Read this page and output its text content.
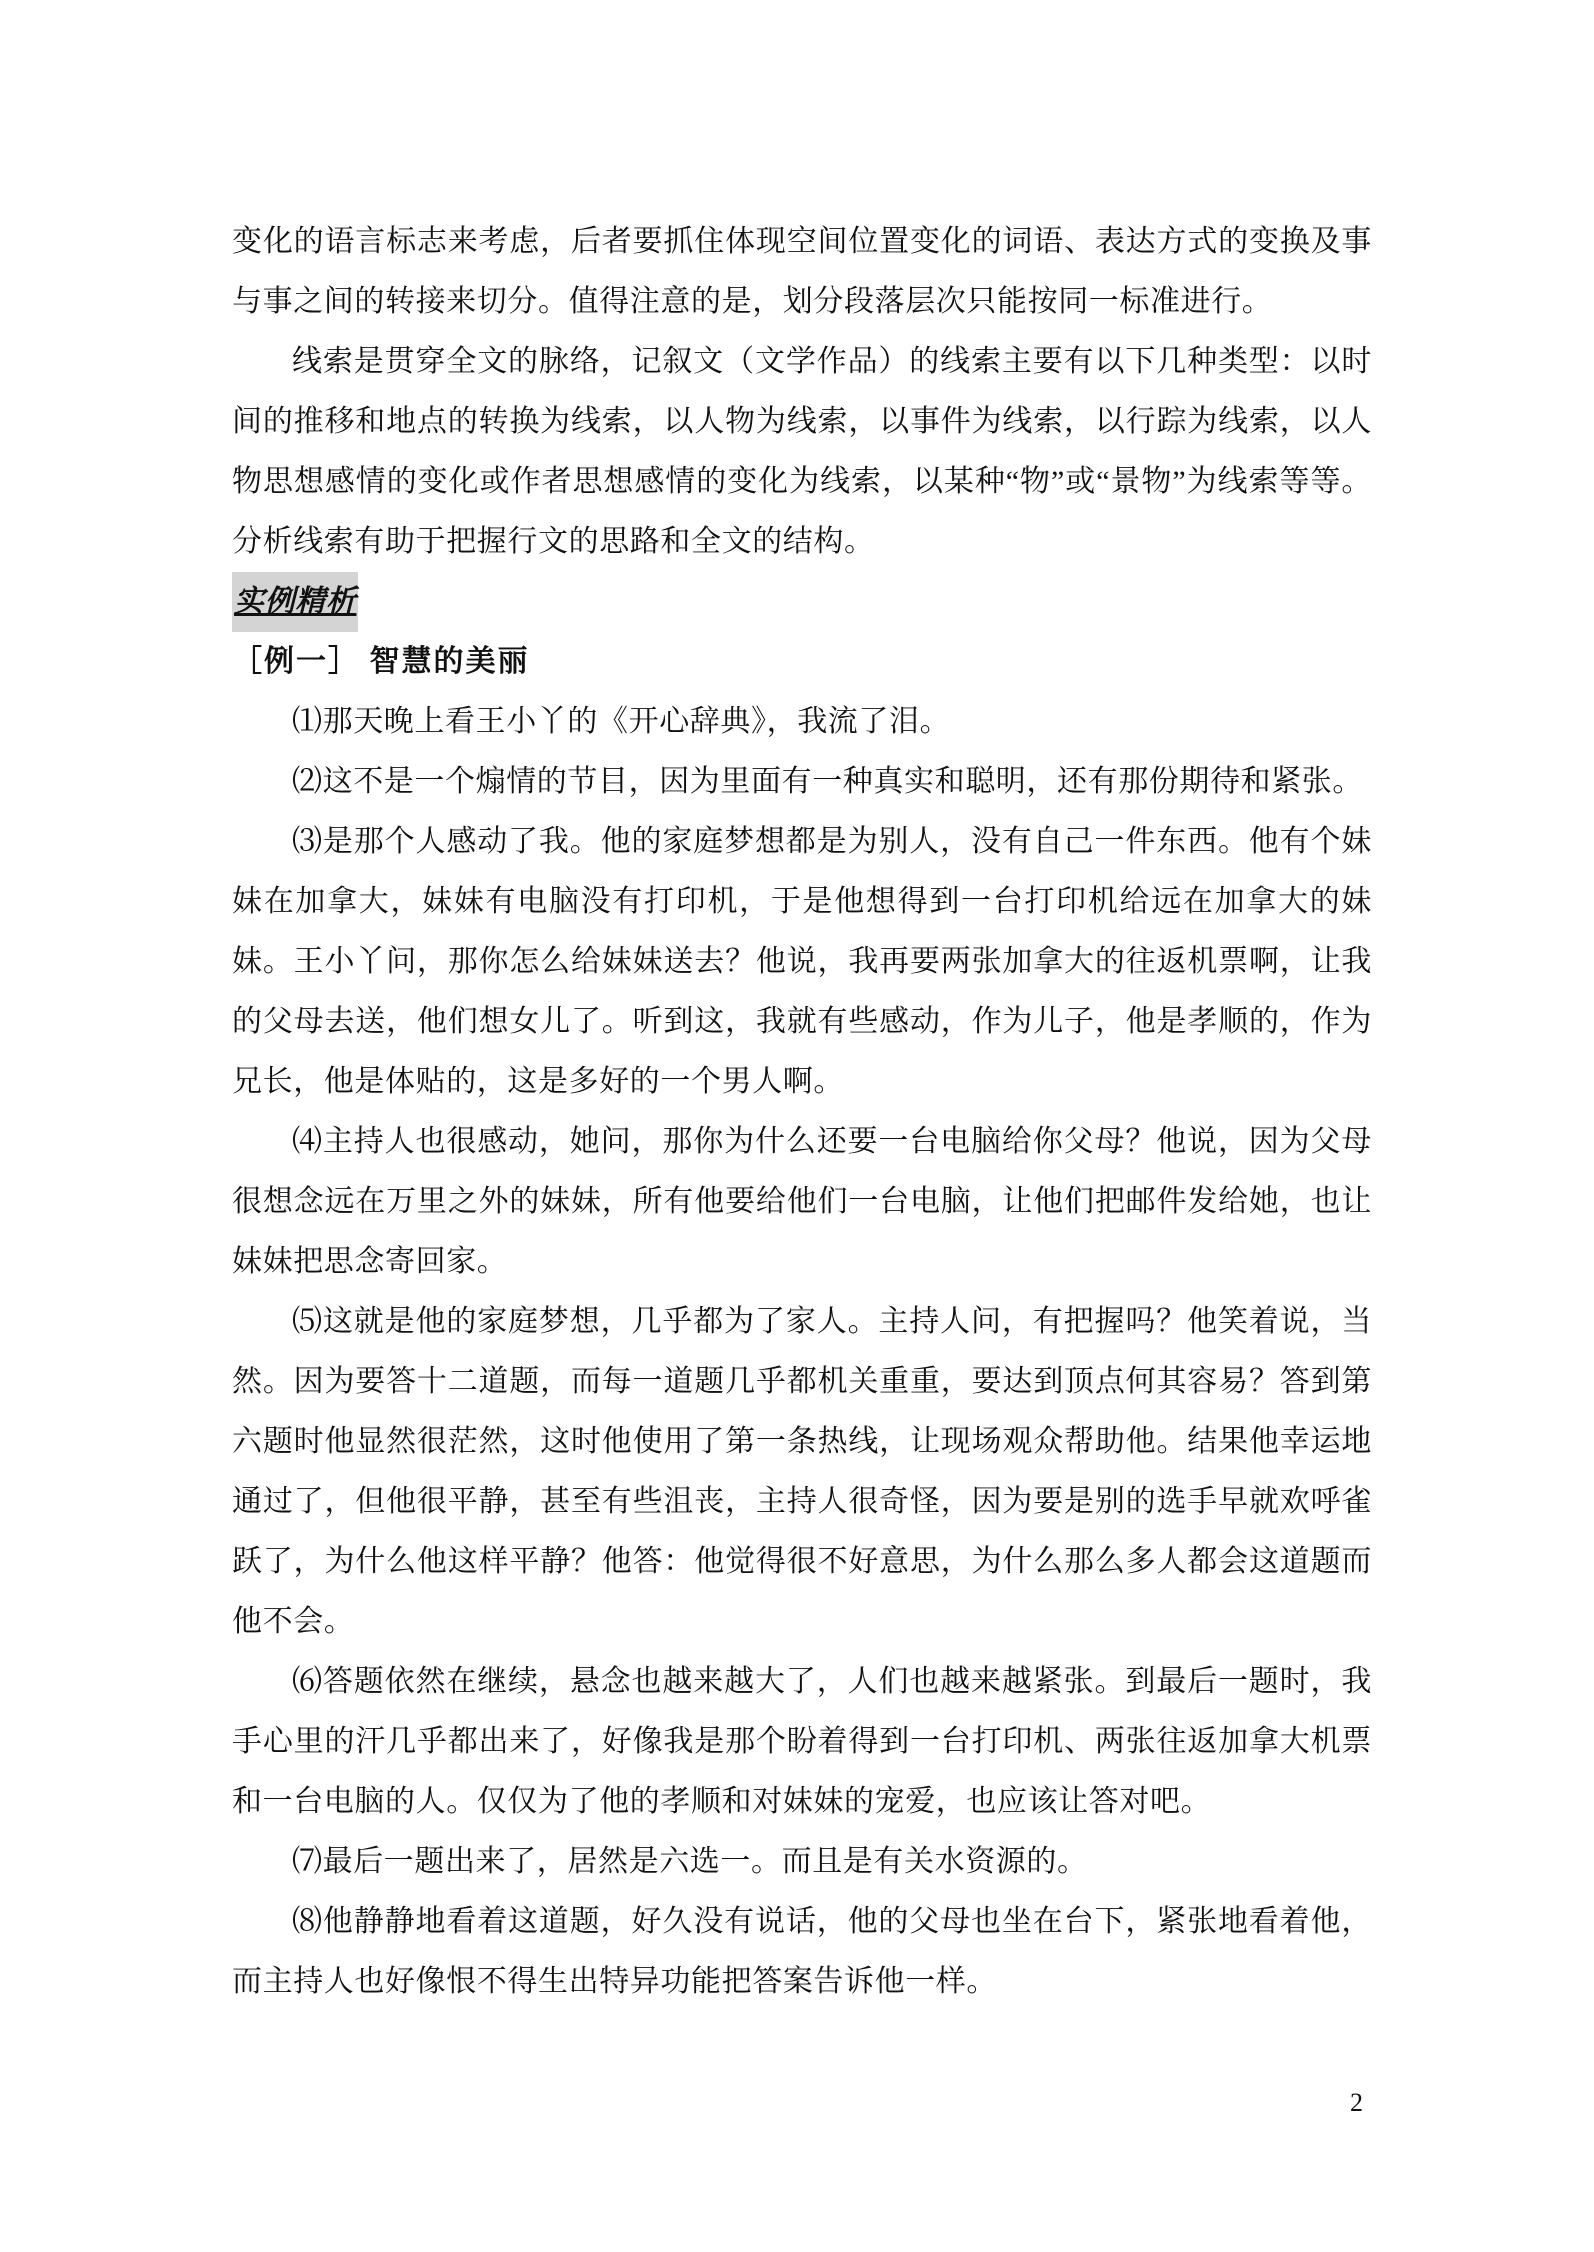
变化的语言标志来考虑，后者要抓住体现空间位置变化的词语、表达方式的变换及事与事之间的转接来切分。值得注意的是，划分段落层次只能按同一标准进行。

线索是贯穿全文的脉络，记叙文（文学作品）的线索主要有以下几种类型：以时间的推移和地点的转换为线索，以人物为线索，以事件为线索，以行踪为线索，以人物思想感情的变化或作者思想感情的变化为线索，以某种“物”或“景物”为线索等等。分析线索有助于把握行文的思路和全文的结构。

实例精析

［例一］ 智慧的美丽

⑴那天晚上看王小丫的《开心辞典》，我流了泪。

⑵这不是一个煽情的节目，因为里面有一种真实和聪明，还有那份期待和紧张。

⑶是那个人感动了我。他的家庭梦想都是为别人，没有自己一件东西。他有个妹妹在加拿大，妹妹有电脑没有打印机，于是他想得到一台打印机给远在加拿大的妹妹。王小丫问，那你怎么给妹妹送去？他说，我再要两张加拿大的往返机票啊，让我的父母去送，他们想女儿了。听到这，我就有些感动，作为儿子，他是孝顺的，作为兄长，他是体贴的，这是多好的一个男人啊。

⑷主持人也很感动，她问，那你为什么还要一台电脑给你父母？他说，因为父母很想念远在万里之外的妹妹，所有他要给他们一台电脑，让他们把邮件发给她，也让妹妹把思念寄回家。

⑸这就是他的家庭梦想，几乎都为了家人。主持人问，有把握吗？他笑着说，当然。因为要答十二道题，而每一道题几乎都机关重重，要达到顶点何其容易？答到第六题时他显然很茫然，这时他使用了第一条热线，让现场观众帮助他。结果他幸运地通过了，但他很平静，甚至有些沮丧，主持人很奇怪，因为要是别的选手早就欢呼雀跃了，为什么他这样平静？他答：他觉得很不好意思，为什么那么多人都会这道题而他不会。

⑹答题依然在继续，悬念也越来越大了，人们也越来越紧张。到最后一题时，我手心里的汗几乎都出来了，好像我是那个盼着得到一台打印机、两张往返加拿大机票和一台电脑的人。仅仅为了他的孝顺和对妹妹的宠爱，也应该让答对吧。

⑺最后一题出来了，居然是六选一。而且是有关水资源的。

⑻他静静地看着这道题，好久没有说话，他的父母也坐在台下，紧张地看着他，而主持人也好像恨不得生出特异功能把答案告诉他一样。

2
